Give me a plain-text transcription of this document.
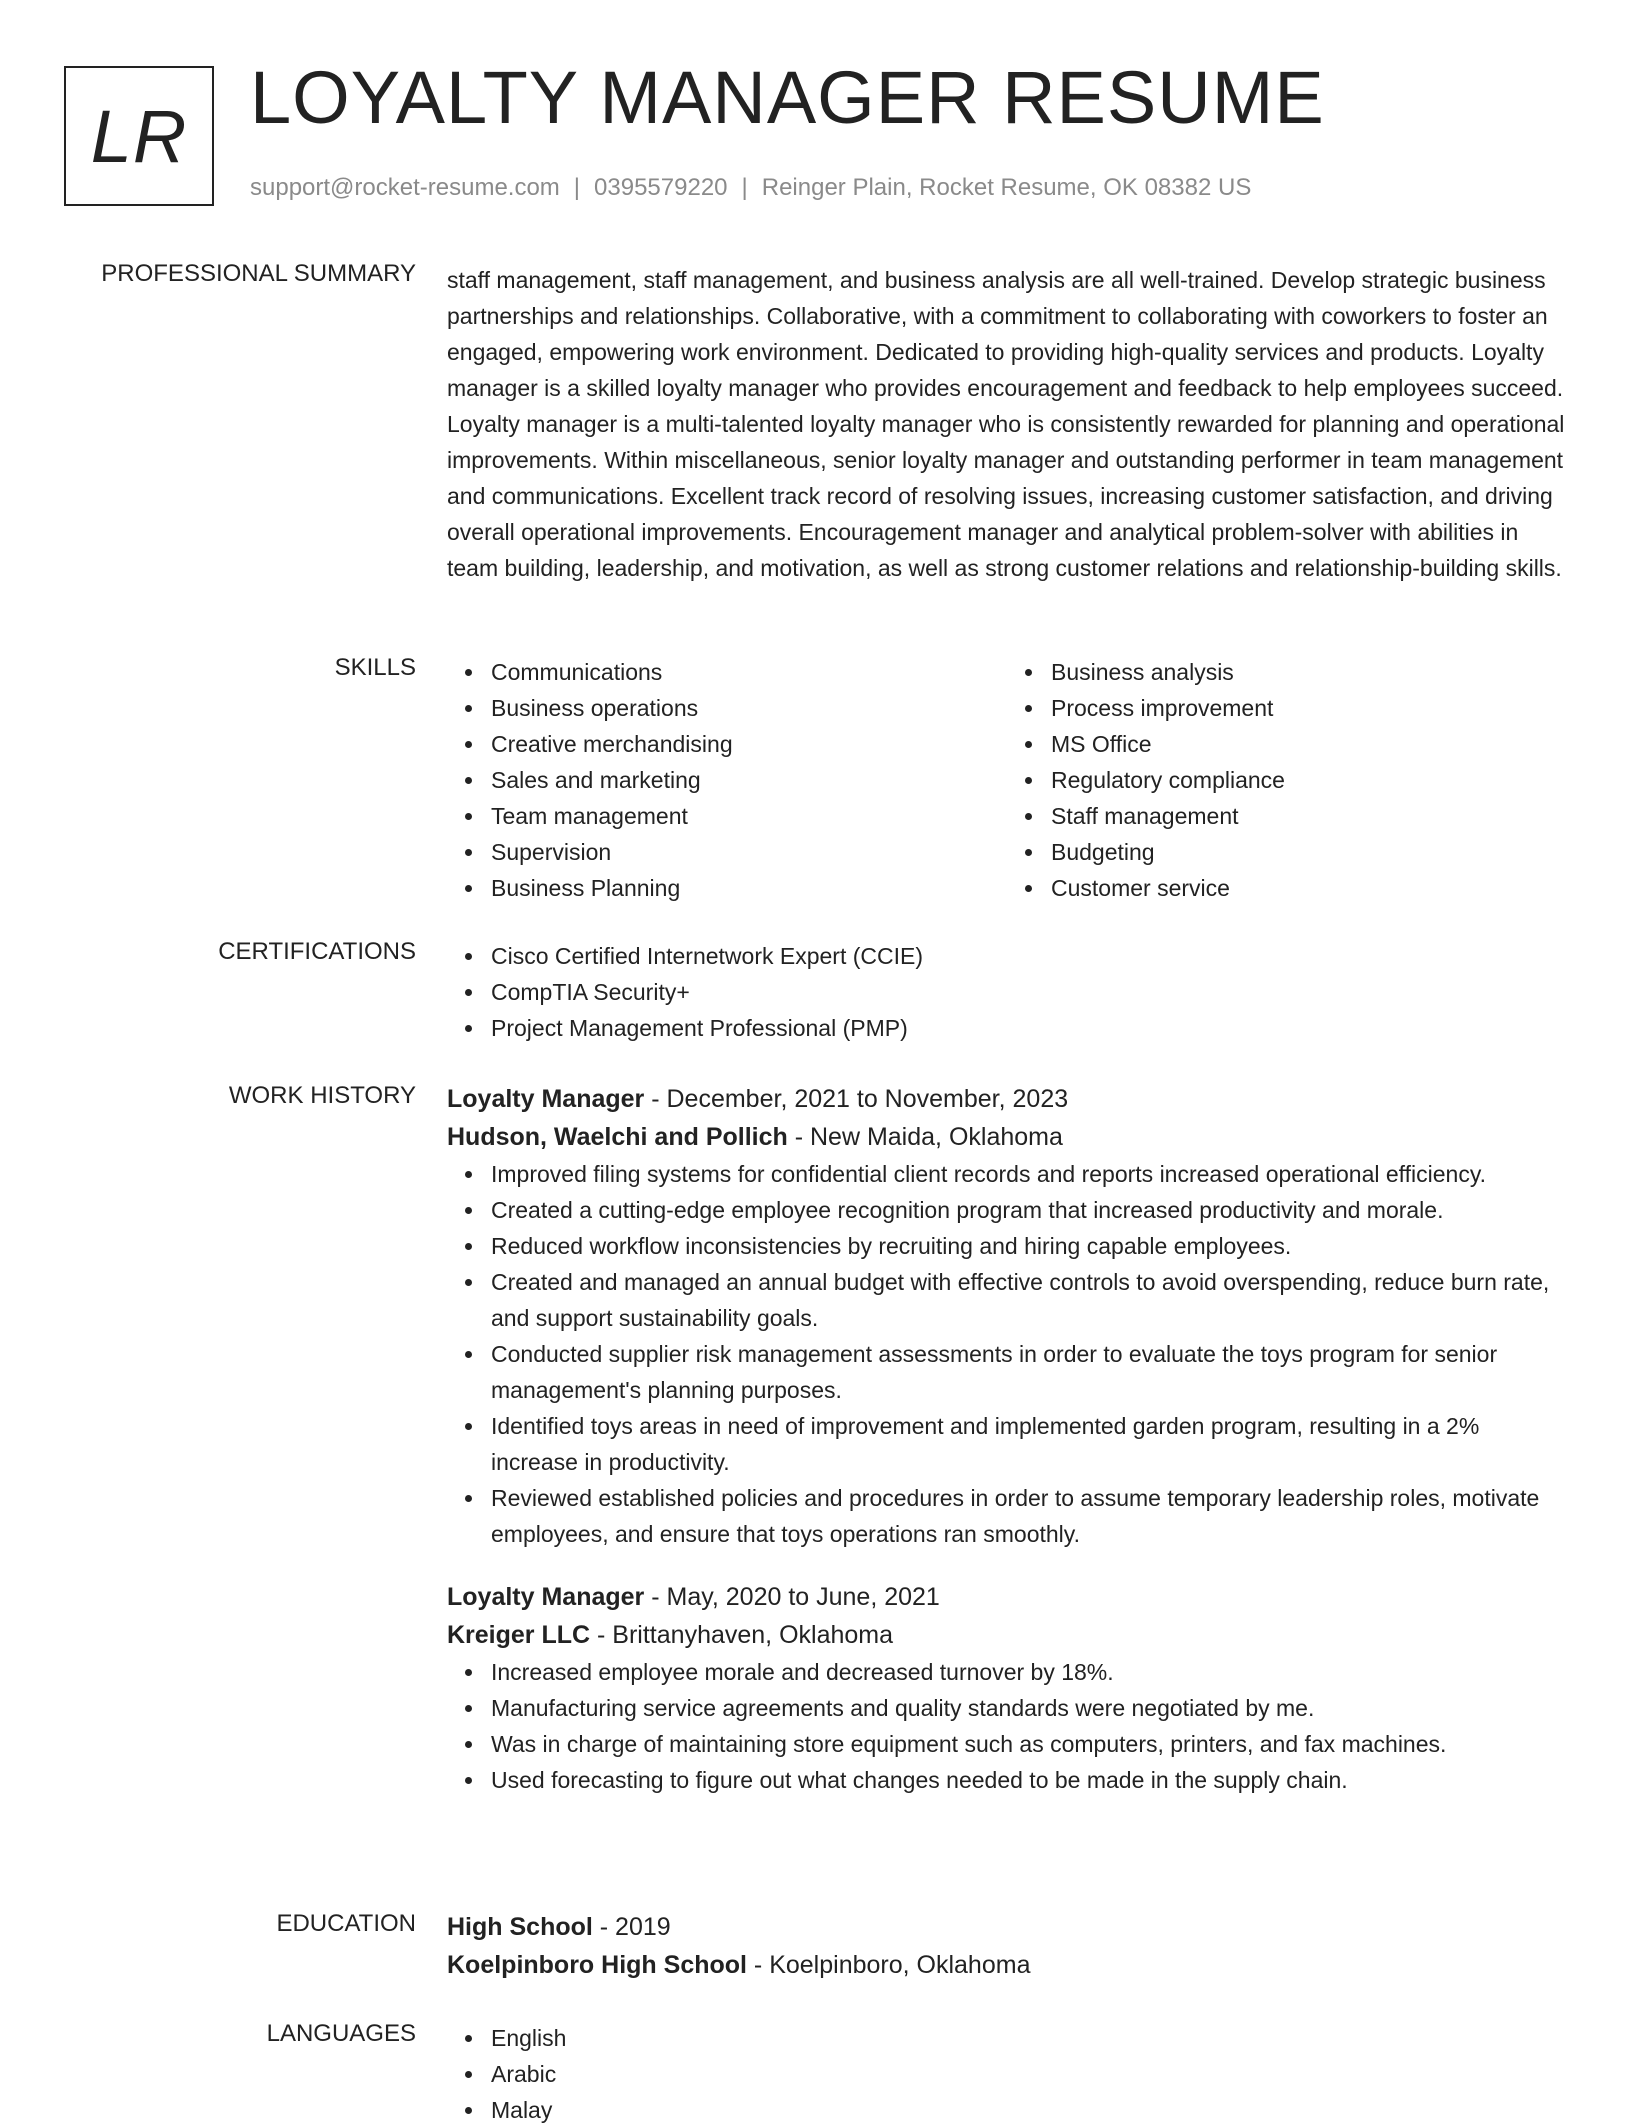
LR LOYALTY MANAGER RESUME
support@rocket-resume.com | 0395579220 | Reinger Plain, Rocket Resume, OK 08382 US
PROFESSIONAL SUMMARY staff management, staff management, and business analysis are all well-trained. Develop strategic business partnerships and relationships. Collaborative, with a commitment to collaborating with coworkers to foster an engaged, empowering work environment. Dedicated to providing high-quality services and products. Loyalty manager is a skilled loyalty manager who provides encouragement and feedback to help employees succeed. Loyalty manager is a multi-talented loyalty manager who is consistently rewarded for planning and operational improvements. Within miscellaneous, senior loyalty manager and outstanding performer in team management and communications. Excellent track record of resolving issues, increasing customer satisfaction, and driving overall operational improvements. Encouragement manager and analytical problem-solver with abilities in team building, leadership, and motivation, as well as strong customer relations and relationship-building skills.

SKILLS	Communications
Business operations
Creative merchandising
Sales and marketing
Team management
Supervision
Business Planning
Business analysis
Process improvement
MS Office
Regulatory compliance
Staff management
Budgeting
Customer service
CERTIFICATIONS	Cisco Certified Internetwork Expert (CCIE)
CompTIA Security+
Project Management Professional (PMP)
WORK HISTORY Loyalty Manager - December, 2021 to November, 2023
Hudson, Waelchi and Pollich - New Maida, Oklahoma
Improved filing systems for confidential client records and reports increased operational efficiency.
Created a cutting-edge employee recognition program that increased productivity and morale.
Reduced workflow inconsistencies by recruiting and hiring capable employees.
Created and managed an annual budget with effective controls to avoid overspending, reduce burn rate, and support sustainability goals.
Conducted supplier risk management assessments in order to evaluate the toys program for senior management's planning purposes.
Identified toys areas in need of improvement and implemented garden program, resulting in a 2% increase in productivity.
Reviewed established policies and procedures in order to assume temporary leadership roles, motivate employees, and ensure that toys operations ran smoothly.
Loyalty Manager - May, 2020 to June, 2021
Kreiger LLC - Brittanyhaven, Oklahoma
Increased employee morale and decreased turnover by 18%.
Manufacturing service agreements and quality standards were negotiated by me.
Was in charge of maintaining store equipment such as computers, printers, and fax machines.
Used forecasting to figure out what changes needed to be made in the supply chain.
EDUCATION High School - 2019
Koelpinboro High School - Koelpinboro, Oklahoma
LANGUAGES	English
Arabic
Malay
